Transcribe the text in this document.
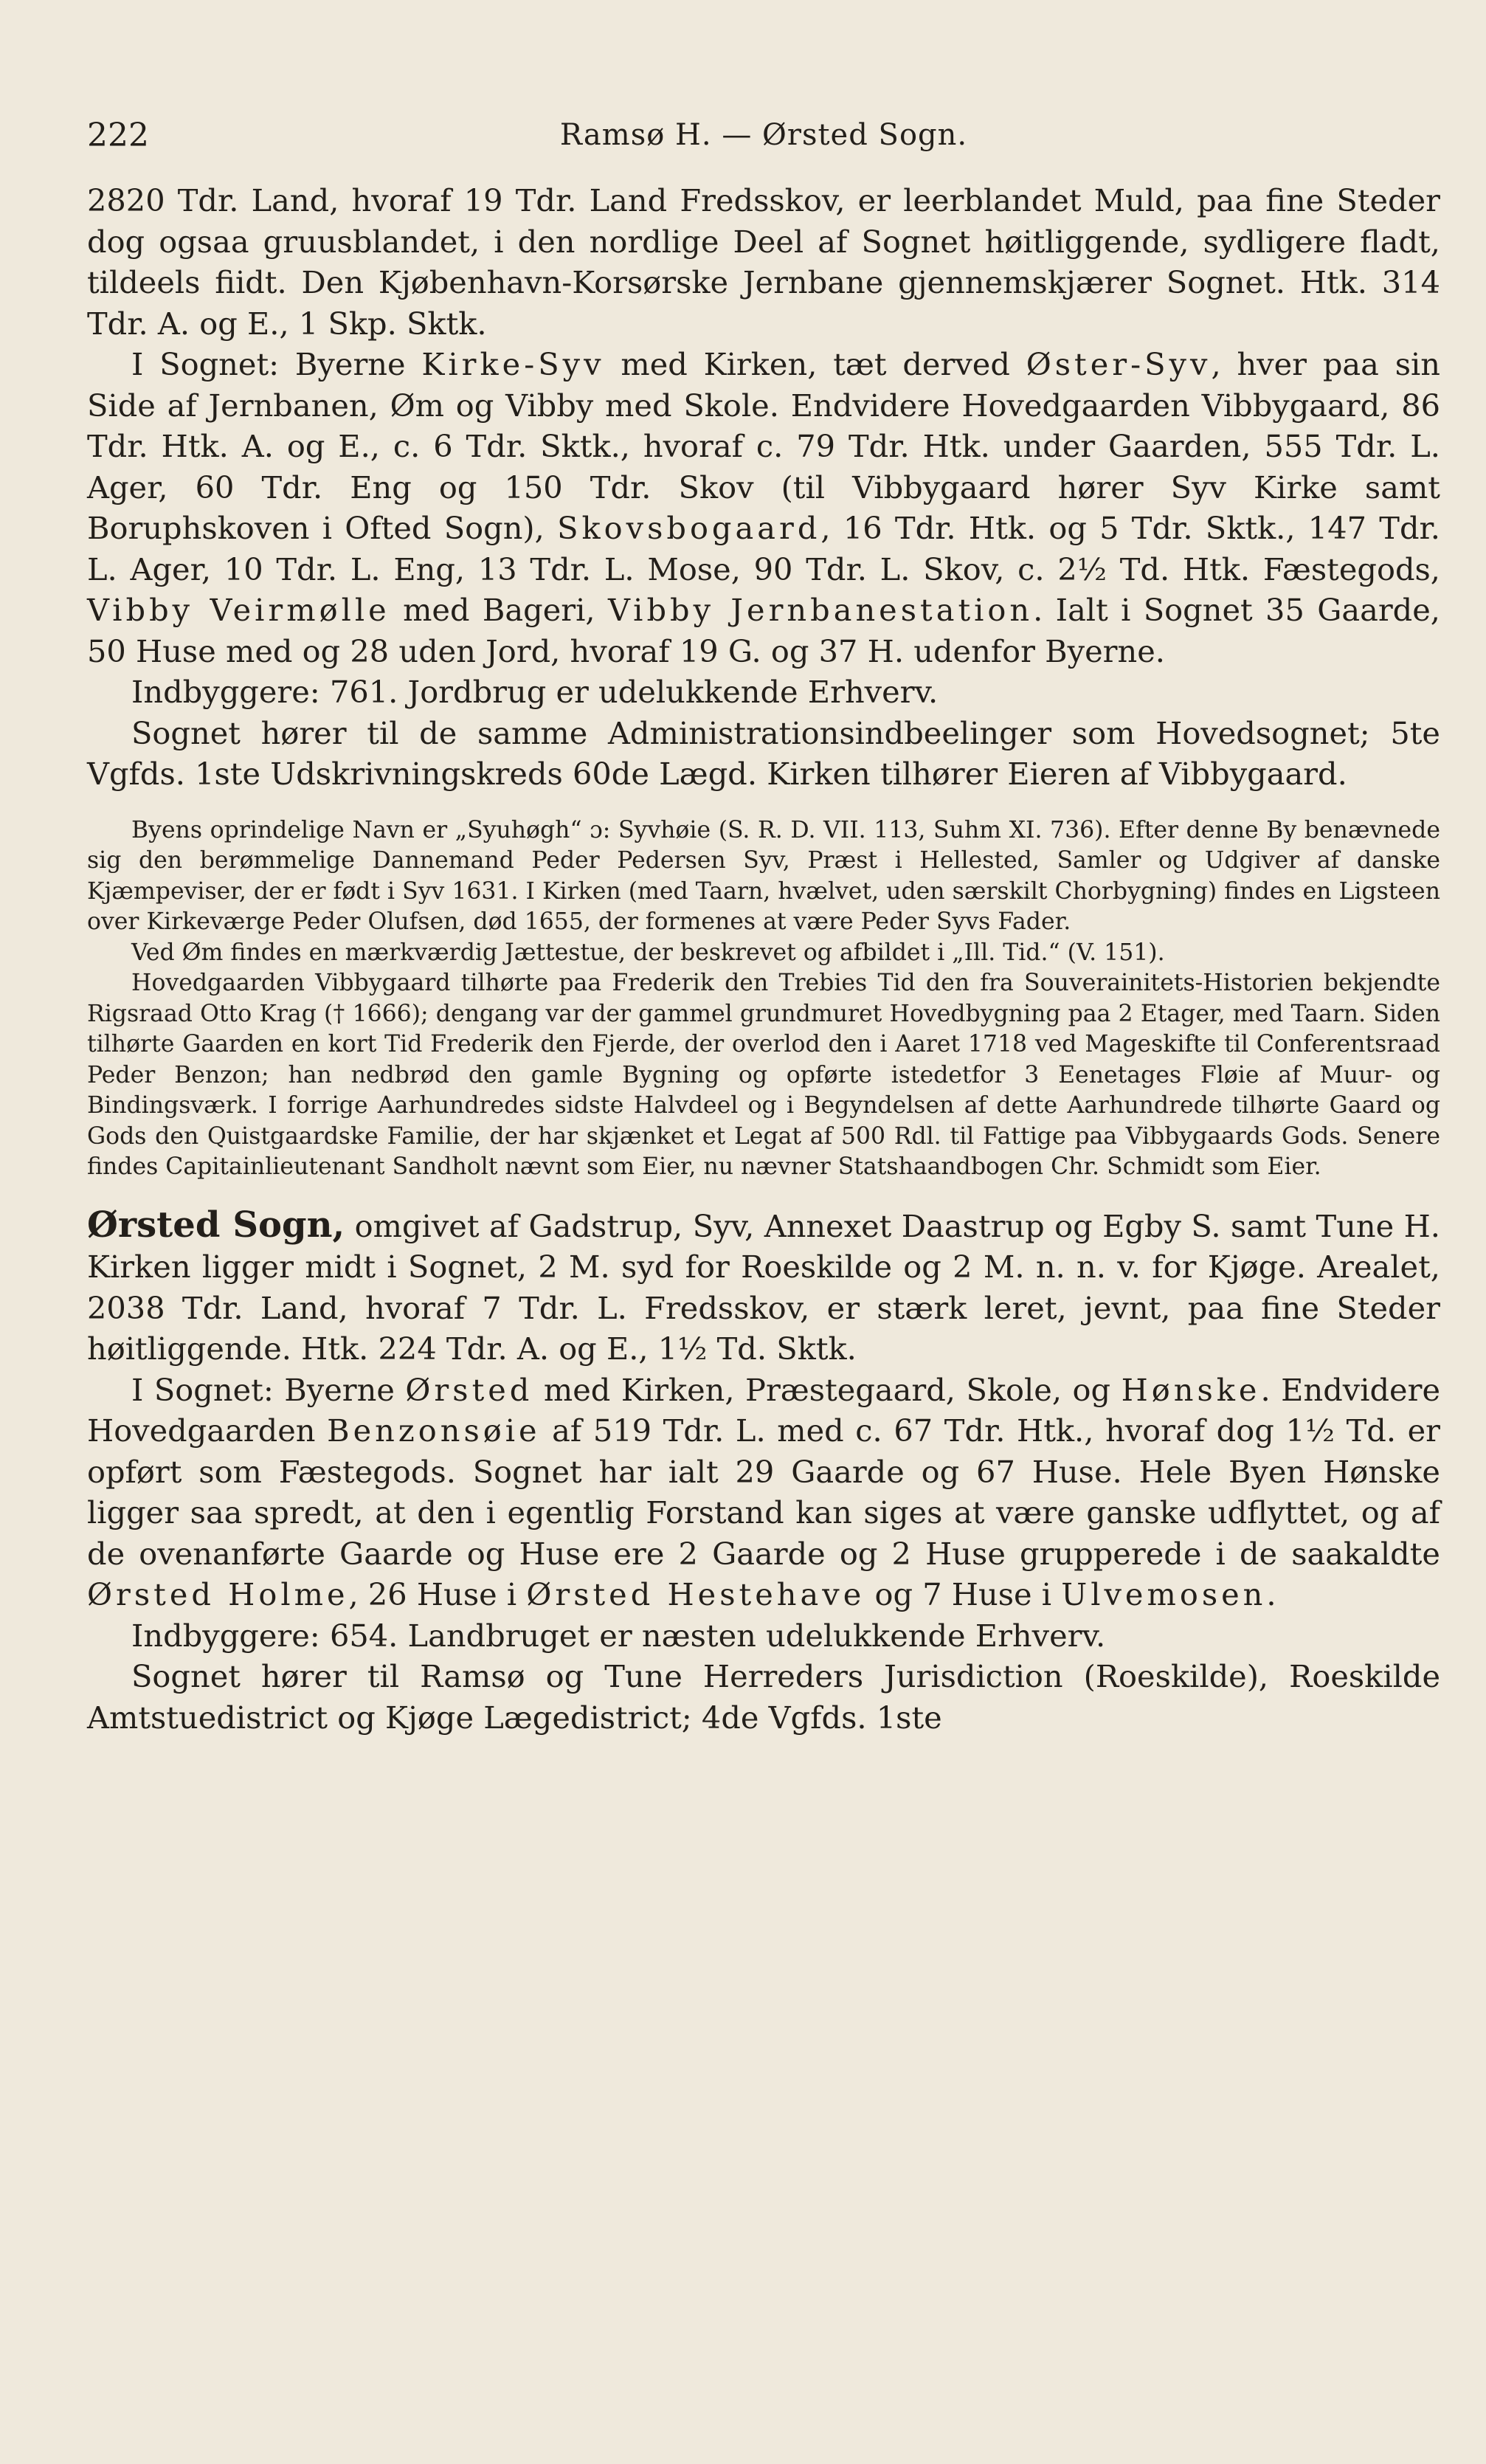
222	Ramsø H. — Ørsted Sogn.

2820 Tdr. Land, hvoraf 19 Tdr. Land Fredsskov, er leerblandet Muld, paa fine Steder dog ogsaa gruusblandet, i den nordlige Deel af Sognet høitliggende, sydligere fladt, tildeels fiidt. Den Kjøbenhavn-Korsørske Jernbane gjennemskjærer Sognet. Htk. 314 Tdr. A. og E., 1 Skp. Sktk.

I Sognet: Byerne Kirke-Syv med Kirken, tæt derved Øster-Syv, hver paa sin Side af Jernbanen, Øm og Vibby med Skole. Endvidere Hovedgaarden Vibbygaard, 86 Tdr. Htk. A. og E., c. 6 Tdr. Sktk., hvoraf c. 79 Tdr. Htk. under Gaarden, 555 Tdr. L. Ager, 60 Tdr. Eng og 150 Tdr. Skov (til Vibbygaard hører Syv Kirke samt Boruphskoven i Ofted Sogn), Skovsbogaard, 16 Tdr. Htk. og 5 Tdr. Sktk., 147 Tdr. L. Ager, 10 Tdr. L. Eng, 13 Tdr. L. Mose, 90 Tdr. L. Skov, c. 2½ Td. Htk. Fæstegods, Vibby Veirmølle med Bageri, Vibby Jernbanestation. Ialt i Sognet 35 Gaarde, 50 Huse med og 28 uden Jord, hvoraf 19 G. og 37 H. udenfor Byerne.

Indbyggere: 761. Jordbrug er udelukkende Erhverv.

Sognet hører til de samme Administrationsindbeelinger som Hovedsognet; 5te Vgfds. 1ste Udskrivningskreds 60de Lægd. Kirken tilhører Eieren af Vibbygaard.

Byens oprindelige Navn er „Syuhøgh“ ɔ: Syvhøie (S. R. D. VII. 113, Suhm XI. 736). Efter denne By benævnede sig den berømmelige Dannemand Peder Pedersen Syv, Præst i Hellested, Samler og Udgiver af danske Kjæmpeviser, der er født i Syv 1631. I Kirken (med Taarn, hvælvet, uden særskilt Chorbygning) findes en Ligsteen over Kirkeværge Peder Olufsen, død 1655, der formenes at være Peder Syvs Fader.

Ved Øm findes en mærkværdig Jættestue, der beskrevet og afbildet i „Ill. Tid.“ (V. 151).

Hovedgaarden Vibbygaard tilhørte paa Frederik den Trebies Tid den fra Souverainitets-Historien bekjendte Rigsraad Otto Krag († 1666); dengang var der gammel grundmuret Hovedbygning paa 2 Etager, med Taarn. Siden tilhørte Gaarden en kort Tid Frederik den Fjerde, der overlod den i Aaret 1718 ved Mageskifte til Conferentsraad Peder Benzon; han nedbrød den gamle Bygning og opførte istedetfor 3 Eenetages Fløie af Muur- og Bindingsværk. I forrige Aarhundredes sidste Halvdeel og i Begyndelsen af dette Aarhundrede tilhørte Gaard og Gods den Quistgaardske Familie, der har skjænket et Legat af 500 Rdl. til Fattige paa Vibbygaards Gods. Senere findes Capitainlieutenant Sandholt nævnt som Eier, nu nævner Statshaandbogen Chr. Schmidt som Eier.

Ørsted Sogn, omgivet af Gadstrup, Syv, Annexet Daastrup og Egby S. samt Tune H. Kirken ligger midt i Sognet, 2 M. syd for Roeskilde og 2 M. n. n. v. for Kjøge. Arealet, 2038 Tdr. Land, hvoraf 7 Tdr. L. Fredsskov, er stærk leret, jevnt, paa fine Steder høitliggende. Htk. 224 Tdr. A. og E., 1½ Td. Sktk.

I Sognet: Byerne Ørsted med Kirken, Præstegaard, Skole, og Hønske. Endvidere Hovedgaarden Benzonsøie af 519 Tdr. L. med c. 67 Tdr. Htk., hvoraf dog 1½ Td. er opført som Fæstegods. Sognet har ialt 29 Gaarde og 67 Huse. Hele Byen Hønske ligger saa spredt, at den i egentlig Forstand kan siges at være ganske udflyttet, og af de ovenanførte Gaarde og Huse ere 2 Gaarde og 2 Huse grupperede i de saakaldte Ørsted Holme, 26 Huse i Ørsted Hestehave og 7 Huse i Ulvemosen.

Indbyggere: 654. Landbruget er næsten udelukkende Erhverv.

Sognet hører til Ramsø og Tune Herreders Jurisdiction (Roeskilde), Roeskilde Amtstuedistrict og Kjøge Lægedistrict; 4de Vgfds. 1ste
